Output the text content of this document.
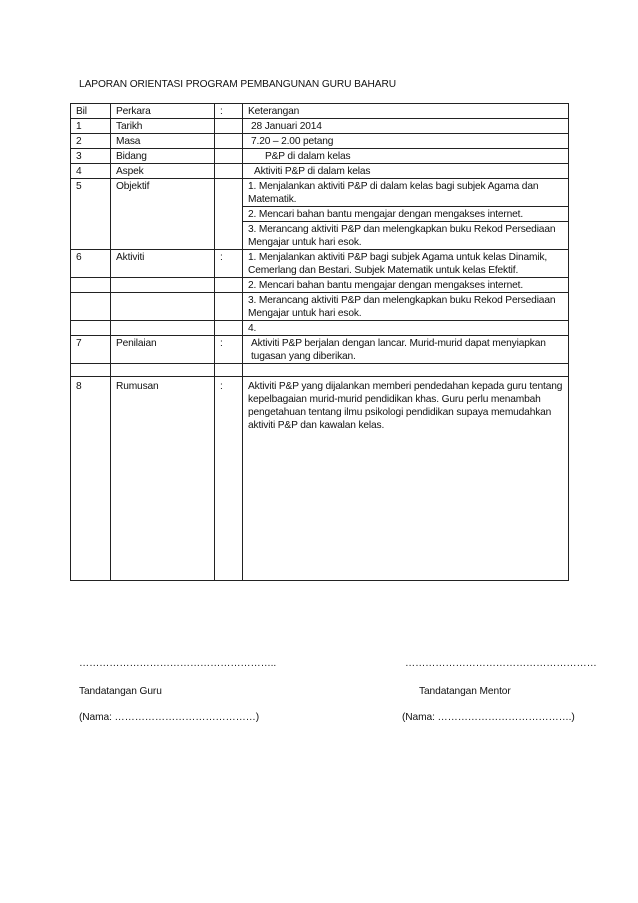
LAPORAN ORIENTASI PROGRAM PEMBANGUNAN GURU BAHARU
Bil	Perkara	:	Keterangan
1	Tarikh		28 Januari 2014
2	Masa		7.20 – 2.00 petang
3	Bidang		P&P di dalam kelas
4	Aspek		Aktiviti P&P di dalam kelas
5	Objektif		1. Menjalankan aktiviti P&P di dalam kelas bagi subjek Agama dan Matematik.
			2. Mencari bahan bantu mengajar dengan mengakses internet.
			3. Merancang aktiviti P&P dan melengkapkan buku Rekod Persediaan Mengajar untuk hari esok.
6	Aktiviti	:	1. Menjalankan aktiviti P&P bagi subjek Agama untuk kelas Dinamik, Cemerlang dan Bestari. Subjek Matematik untuk kelas Efektif.
			2. Mencari bahan bantu mengajar dengan mengakses internet.
			3. Merancang aktiviti P&P dan melengkapkan buku Rekod Persediaan Mengajar untuk hari esok.
			4.
7	Penilaian	:	Aktiviti P&P berjalan dengan lancar. Murid-murid dapat menyiapkan tugasan yang diberikan.

8	Rumusan	:	Aktiviti P&P yang dijalankan memberi pendedahan kepada guru tentang kepelbagaian murid-murid pendidikan khas. Guru perlu menambah pengetahuan tentang ilmu psikologi pendidikan supaya memudahkan aktiviti P&P dan kawalan kelas.
…………………………………………………..	…………………………………………………
Tandatangan Guru	Tandatangan Mentor
(Nama: ……………………………………)	(Nama: ………………………………….)
